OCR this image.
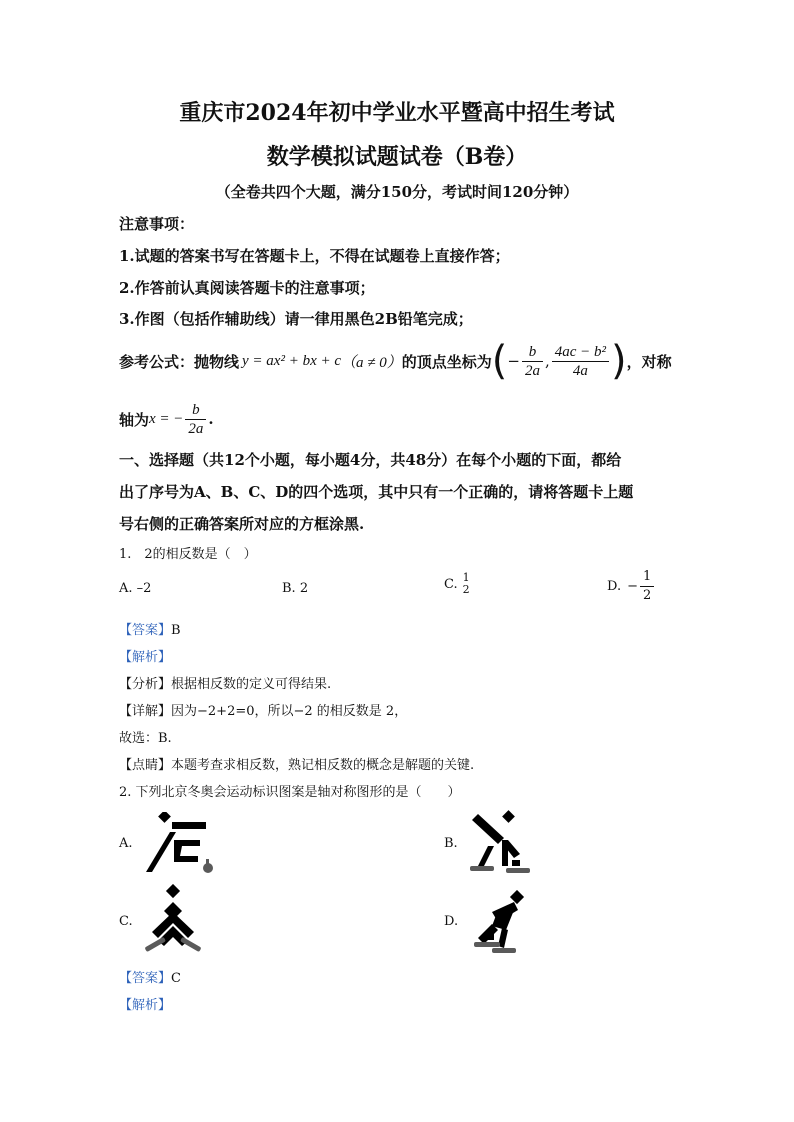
重庆市2024年初中学业水平暨高中招生考试
数学模拟试题试卷（B卷）
（全卷共四个大题，满分150分，考试时间120分钟）
注意事项：
1.试题的答案书写在答题卡上，不得在试题卷上直接作答；
2.作答前认真阅读答题卡的注意事项；
3.作图（包括作辅助线）请一律用黑色2B铅笔完成；
参考公式：抛物线 y = ax² + bx + c （a ≠ 0） 的顶点坐标为 ( − $\frac{b}{2a}$ , $\frac{\text{4ac − b²}}{4a}$ ) ，对称
轴为 x = − $\frac{b}{2a}$ .
一、选择题（共12个小题，每小题4分，共48分）在每个小题的下面，都给
出了序号为A、B、C、D的四个选项，其中只有一个正确的，请将答题卡上题
号右侧的正确答案所对应的方框涂黑.
1.　2的相反数是（　）
A. –2	B. 2	C. 1
2	D. − $\frac{1}{2}$
【答案】B
【解析】
【分析】根据相反数的定义可得结果.
【详解】因为−2+2=0，所以−2 的相反数是 2，
故选：B.
【点睛】本题考查求相反数，熟记相反数的概念是解题的关键.
2. 下列北京冬奥会运动标识图案是轴对称图形的是（　　）
A.	B.
C.	D.
【答案】C
【解析】
